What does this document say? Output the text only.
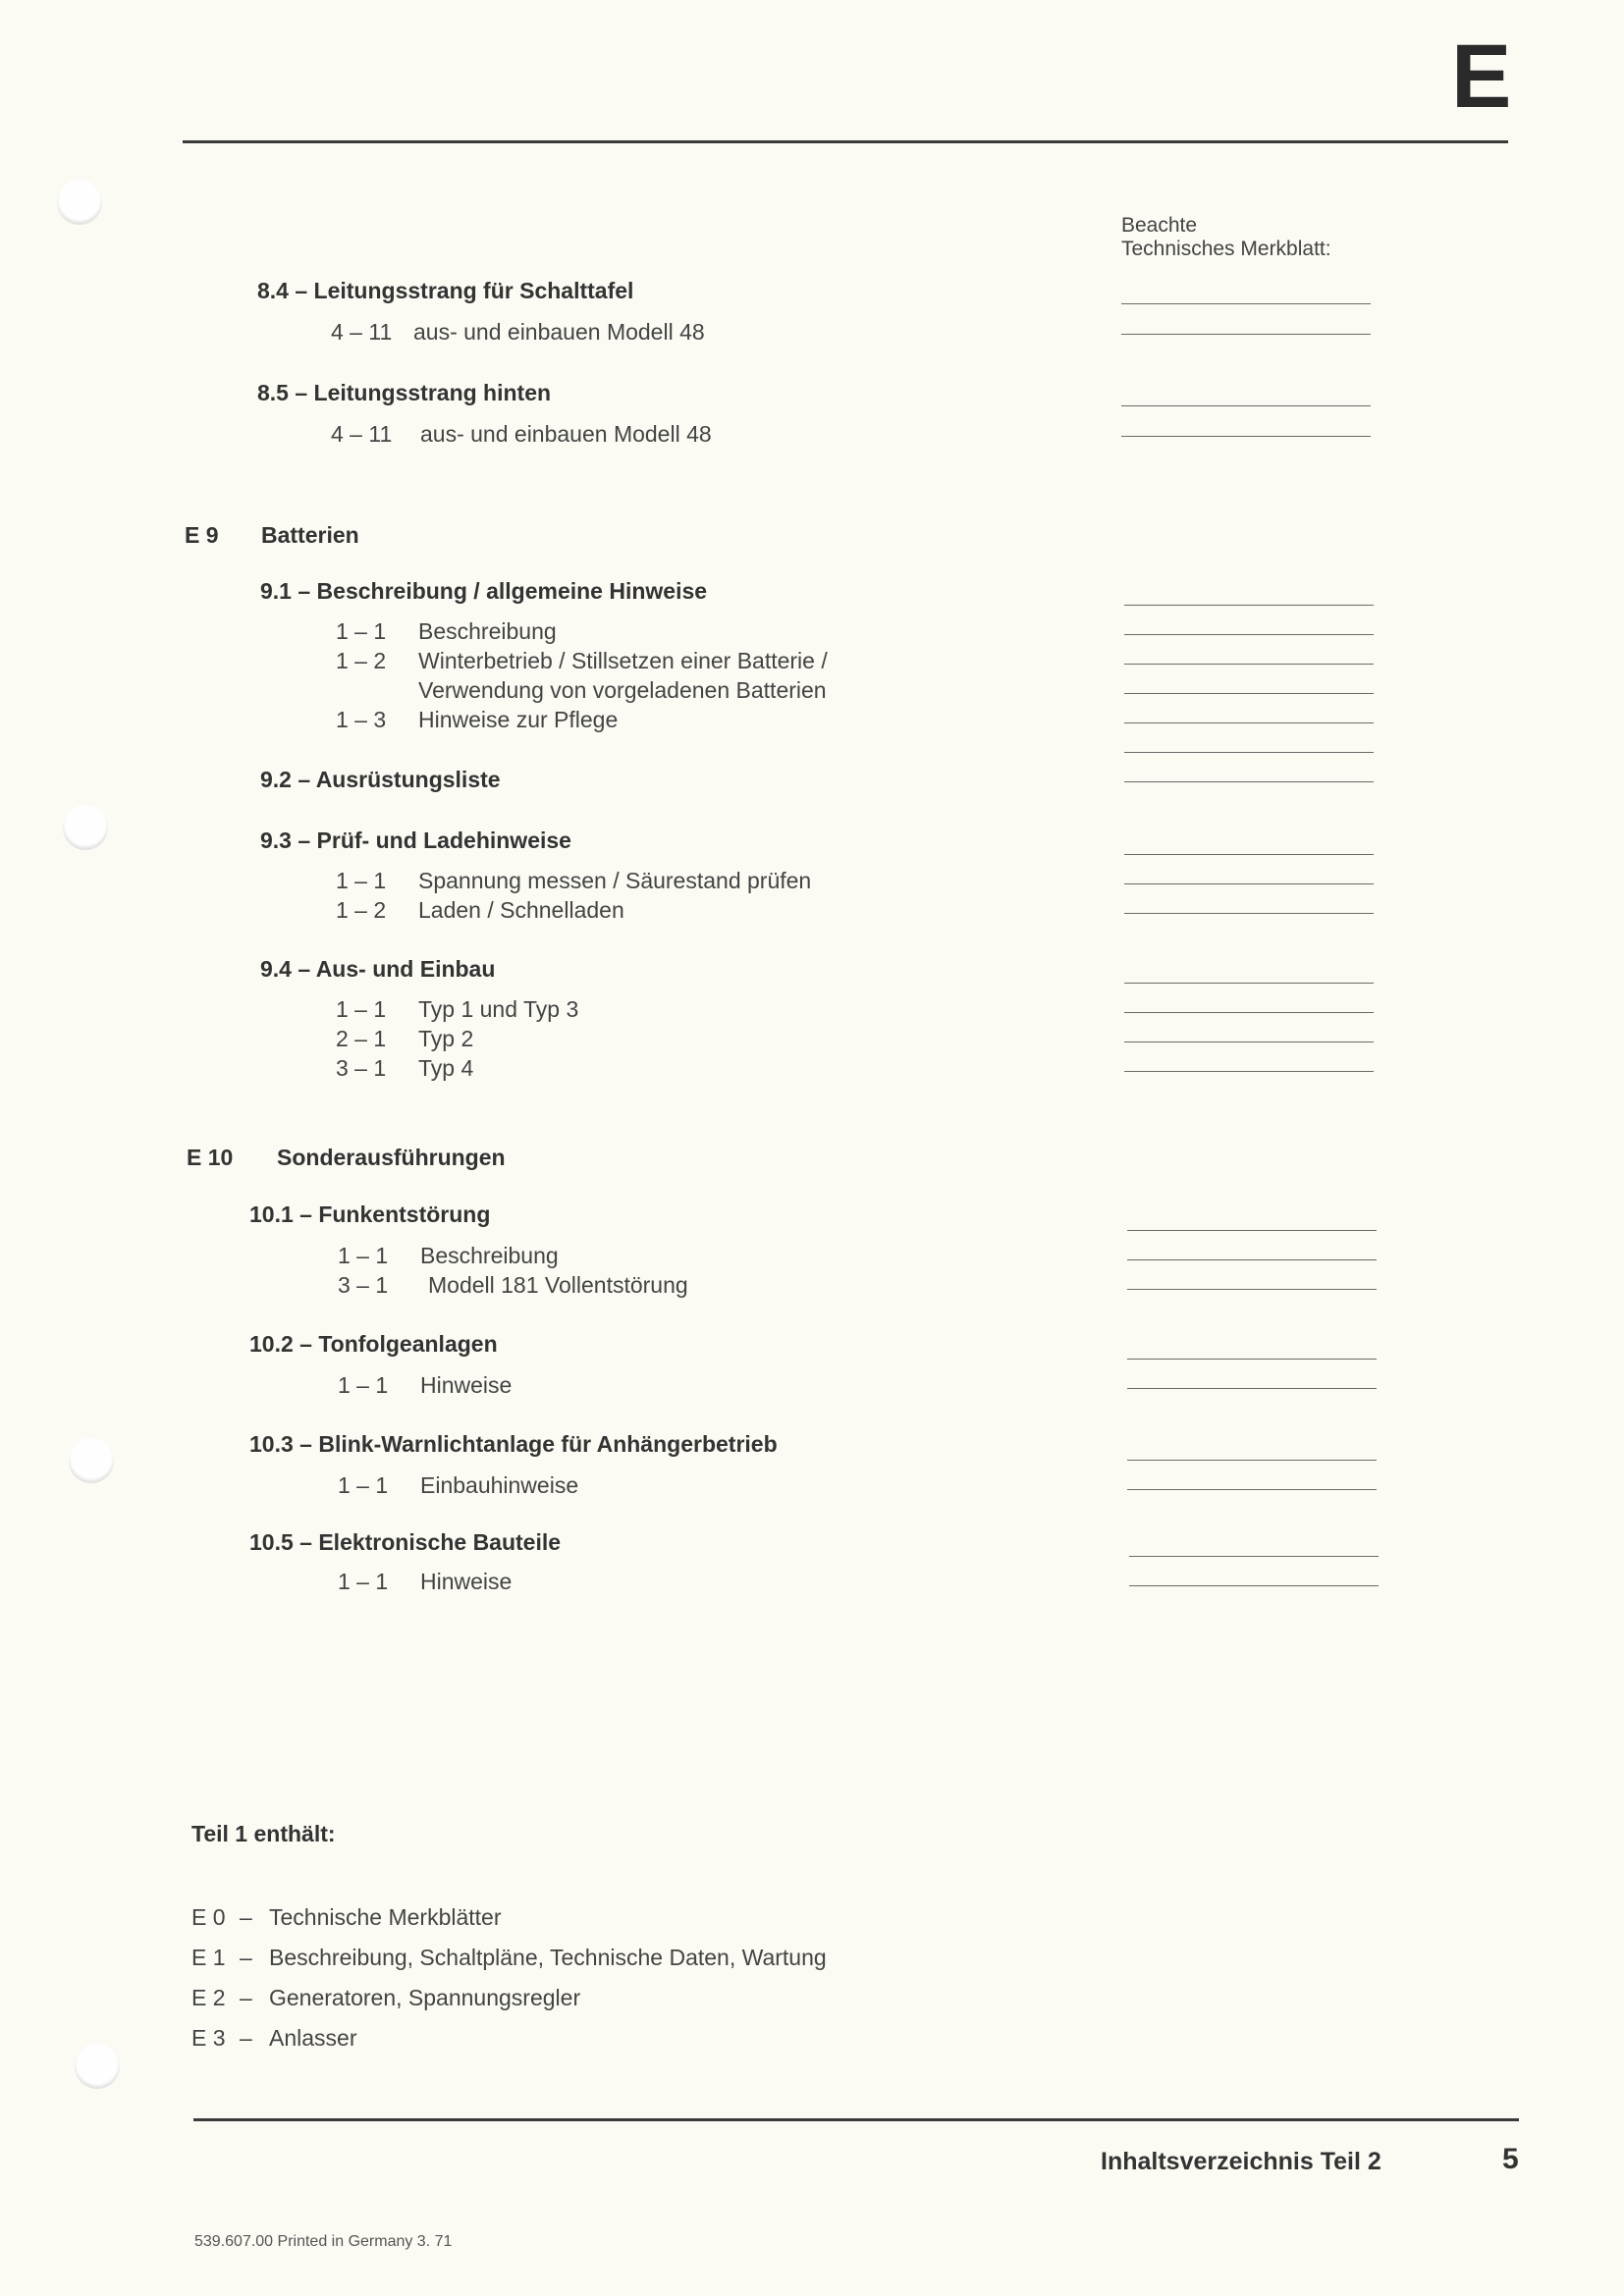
E
Beachte
Technisches Merkblatt:
8.4 – Leitungsstrang für Schalttafel
4 – 11 aus- und einbauen Modell 48
8.5 – Leitungsstrang hinten
4 – 11 aus- und einbauen Modell 48
E 9 Batterien
9.1 – Beschreibung / allgemeine Hinweise
1 – 1 Beschreibung
1 – 2 Winterbetrieb / Stillsetzen einer Batterie /
Verwendung von vorgeladenen Batterien
1 – 3 Hinweise zur Pflege
9.2 – Ausrüstungsliste
9.3 – Prüf- und Ladehinweise
1 – 1 Spannung messen / Säurestand prüfen
1 – 2 Laden / Schnelladen
9.4 – Aus- und Einbau
1 – 1 Typ 1 und Typ 3
2 – 1 Typ 2
3 – 1 Typ 4
E 10 Sonderausführungen
10.1 – Funkentstörung
1 – 1 Beschreibung
3 – 1 Modell 181 Vollentstörung
10.2 – Tonfolgeanlagen
1 – 1 Hinweise
10.3 – Blink-Warnlichtanlage für Anhängerbetrieb
1 – 1 Einbauhinweise
10.5 – Elektronische Bauteile
1 – 1 Hinweise
Teil 1 enthält:
E 0 – Technische Merkblätter
E 1 – Beschreibung, Schaltpläne, Technische Daten, Wartung
E 2 – Generatoren, Spannungsregler
E 3 – Anlasser
Inhaltsverzeichnis Teil 2	5
539.607.00 Printed in Germany 3. 71
